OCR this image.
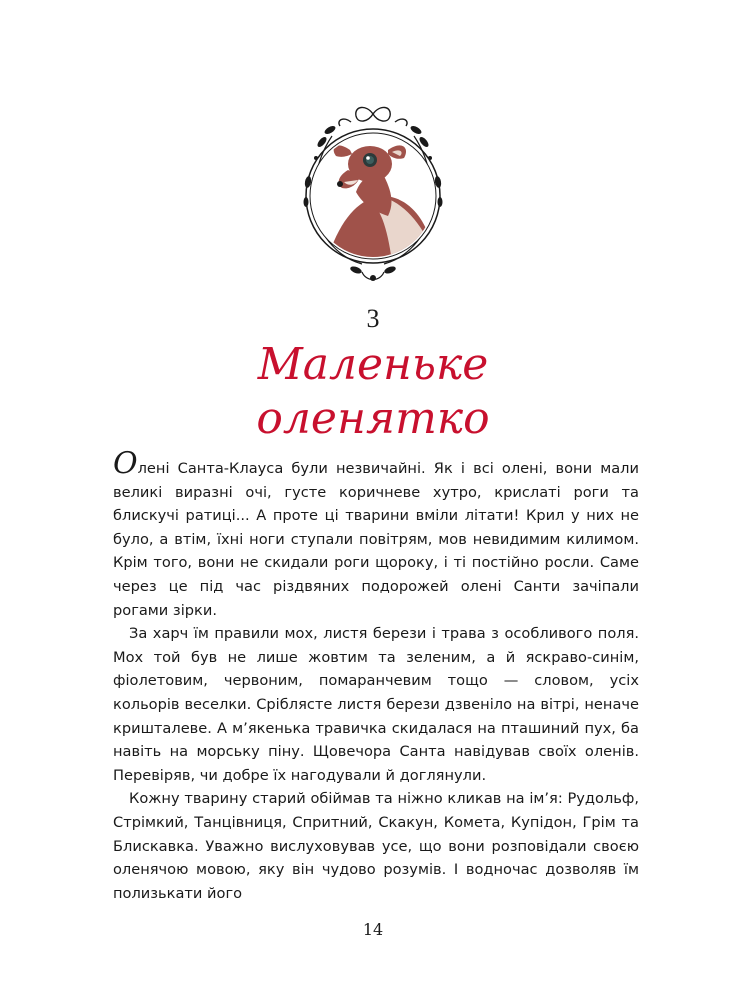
3
Маленьке
оленятко

Олені Санта-Клауса були незвичайні. Як і всі олені, вони мали великі виразні очі, густе коричневе хутро, крислаті роги та блискучі ратиці... А проте ці тварини вміли літати! Крил у них не було, а втім, їхні ноги ступали повітрям, мов невидимим килимом. Крім того, вони не скидали роги щороку, і ті постійно росли. Саме через це під час різдвяних подорожей олені Санти зачіпали рогами зірки.

За харч їм правили мох, листя берези і трава з особливого поля. Мох той був не лише жовтим та зеленим, а й яскраво-синім, фіолетовим, червоним, помаранчевим тощо — словом, усіх кольорів веселки. Сріблясте листя берези дзвеніло на вітрі, неначе кришталеве. А м’якенька травичка скидалася на пташиний пух, ба навіть на морську піну. Щовечора Санта навідував своїх оленів. Перевіряв, чи добре їх нагодували й доглянули.

Кожну тварину старий обіймав та ніжно кликав на ім’я: Рудольф, Стрімкий, Танцівниця, Спритний, Скакун, Комета, Купідон, Грім та Блискавка. Уважно вислуховував усе, що вони розповідали своєю оленячою мовою, яку він чудово розумів. І водночас дозволяв їм полизькати його

14
